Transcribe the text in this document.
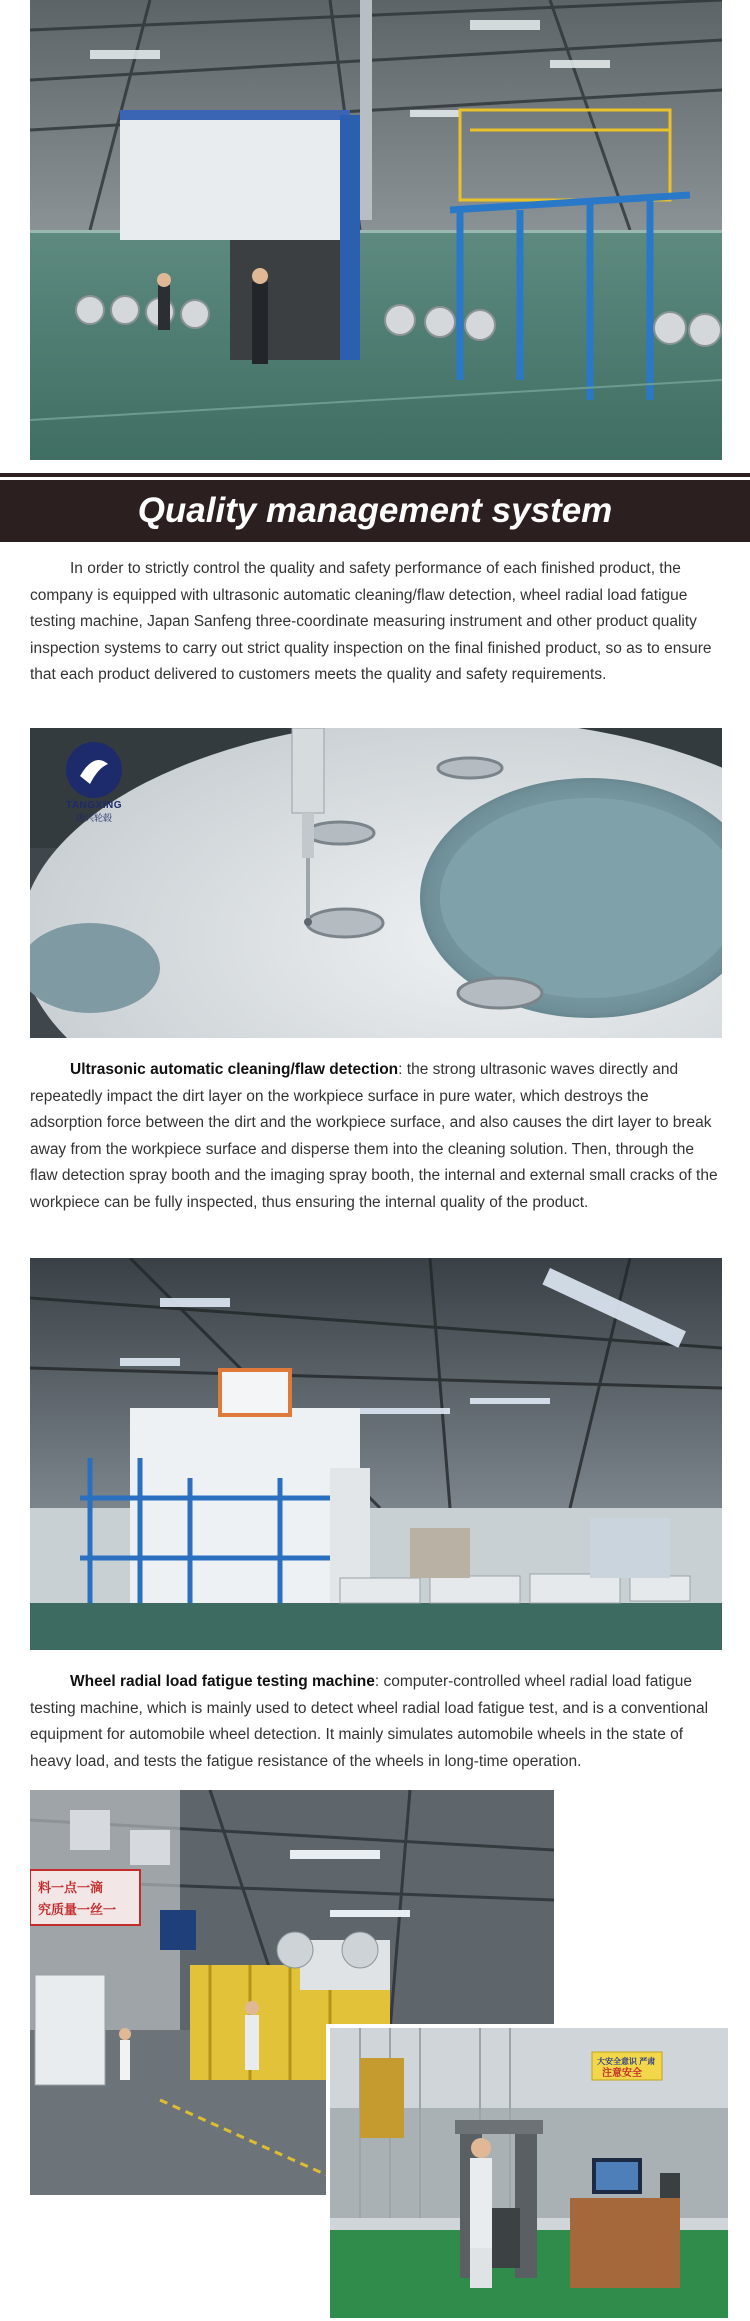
Quality management system

In order to strictly control the quality and safety performance of each finished product, the company is equipped with ultrasonic automatic cleaning/flaw detection, wheel radial load fatigue testing machine, Japan Sanfeng three-coordinate measuring instrument and other product quality inspection systems to carry out strict quality inspection on the final finished product, so as to ensure that each product delivered to customers meets the quality and safety requirements.

TANGXING
唐兴轮毂

Ultrasonic automatic cleaning/flaw detection: the strong ultrasonic waves directly and repeatedly impact the dirt layer on the workpiece surface in pure water, which destroys the adsorption force between the dirt and the workpiece surface, and also causes the dirt layer to break away from the workpiece surface and disperse them into the cleaning solution. Then, through the flaw detection spray booth and the imaging spray booth, the internal and external small cracks of the workpiece can be fully inspected, thus ensuring the internal quality of the product.

Wheel radial load fatigue testing machine: computer-controlled wheel radial load fatigue testing machine, which is mainly used to detect wheel radial load fatigue test, and is a conventional equipment for automobile wheel detection. It mainly simulates automobile wheels in the state of heavy load, and tests the fatigue resistance of the wheels in long-time operation.

料一点一滴
究质量一丝一
大安全意识 严肃
注意安全
